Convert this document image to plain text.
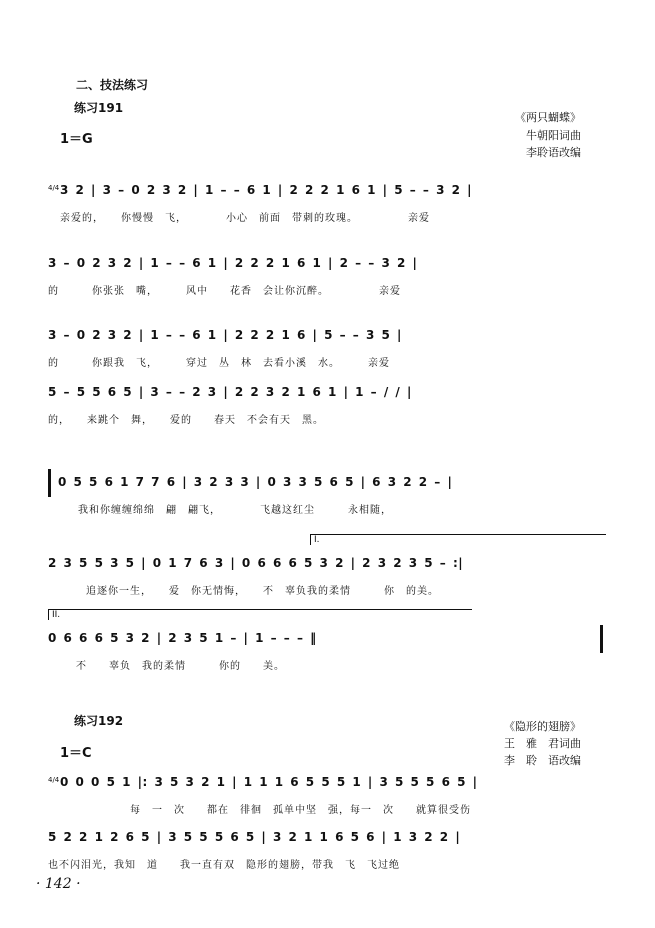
二、技法练习
练习191
1＝G
《两只蝴蝶》
牛朝阳词曲
李聆语改编
4/4 3 2 | 3 – 0 2 3 2 | 1 – – 6 1 | 2 2 2 1 6 1 | 5 – – 3 2 |
亲爱的，　　你慢慢　飞，　　　　小心　前面　带刺的玫瑰。　　　　　亲爱
3 – 0 2 3 2 | 1 – – 6 1 | 2 2 2 1 6 1 | 2 – – 3 2 |
的　　　你张张　嘴，　　　风中　　花香　会让你沉醉。　　　　　亲爱
3 – 0 2 3 2 | 1 – – 6 1 | 2 2 2 1 6 | 5 – – 3 5 |
的　　　你跟我　飞，　　　穿过　丛　林　去看小溪　水。　　　亲爱
5 – 5 5 6 5 | 3 – – 2 3 | 2 2 3 2 1 6 1 | 1 – / / |
的，　　来跳个　舞，　　爱的　　春天　不会有天　黑。
0 5 5 6 1 7 7 6 | 3 2 3 3 | 0 3 3 5 6 5 | 6 3 2 2 – |
我和你缠缠绵绵　翩　翩飞，　　　　飞越这红尘　　　永相随，
I.
2 3 5 5 3 5 | 0 1 7 6 3 | 0 6 6 6 5 3 2 | 2 3 2 3 5 – :|
追逐你一生，　　爱　你无情悔，　　不　辜负我的柔情　　　你　的美。
II.
0 6 6 6 5 3 2 | 2 3 5 1 – | 1 – – – ‖
不　　辜负　我的柔情　　　你的　　美。
练习192
1＝C
《隐形的翅膀》
王　雅　君词曲
李　聆　语改编
4/4 0 0 0 5 1 |: 3 5 3 2 1 | 1 1 1 6 5 5 5 1 | 3 5 5 5 6 5 |
每　一　次　　都在　徘徊　孤单中坚　强，每一　次　　就算很受伤
5 2 2 1 2 6 5 | 3 5 5 5 6 5 | 3 2 1 1 6 5 6 | 1 3 2 2 |
也不闪泪光，我知　道　　我一直有双　隐形的翅膀，带我　飞　飞过绝
· 142 ·
